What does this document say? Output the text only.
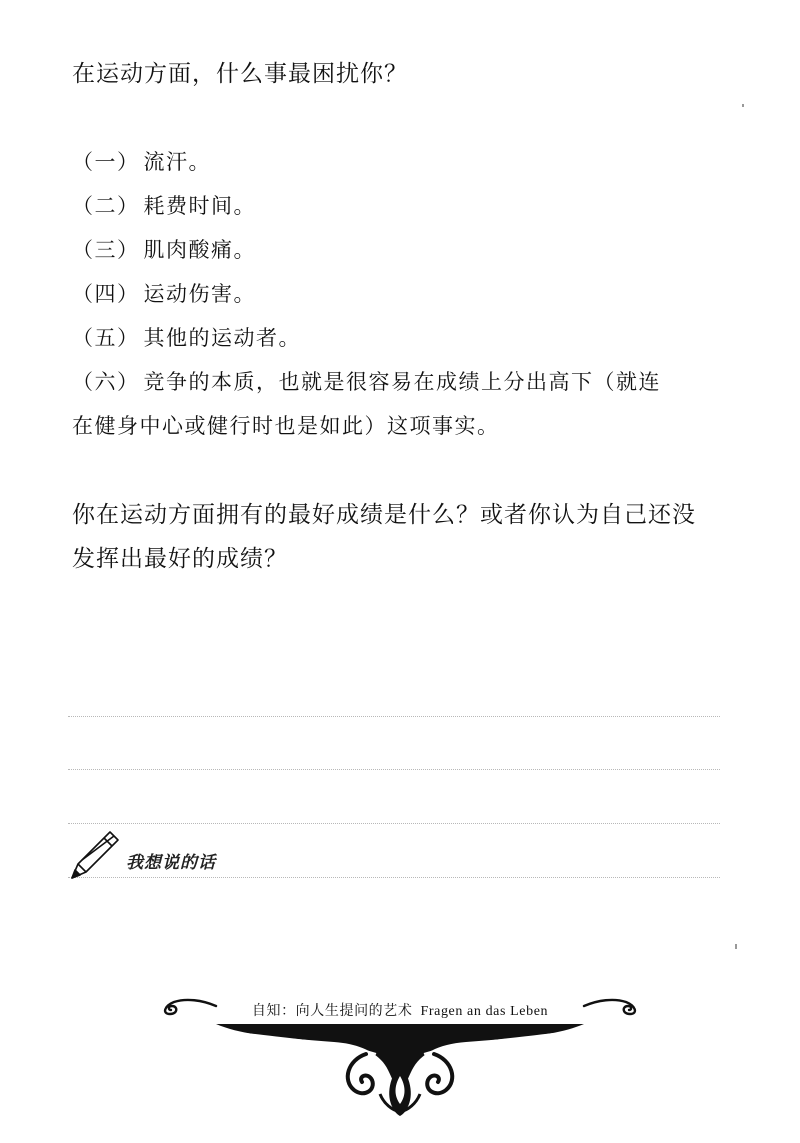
在运动方面，什么事最困扰你？

（一） 流汗。
（二） 耗费时间。
（三） 肌肉酸痛。
（四） 运动伤害。
（五） 其他的运动者。
（六） 竞争的本质，也就是很容易在成绩上分出高下（就连
在健身中心或健行时也是如此）这项事实。
你在运动方面拥有的最好成绩是什么？或者你认为自己还没
发挥出最好的成绩？
我想说的话
自知：向人生提问的艺术 Fragen an das Leben
